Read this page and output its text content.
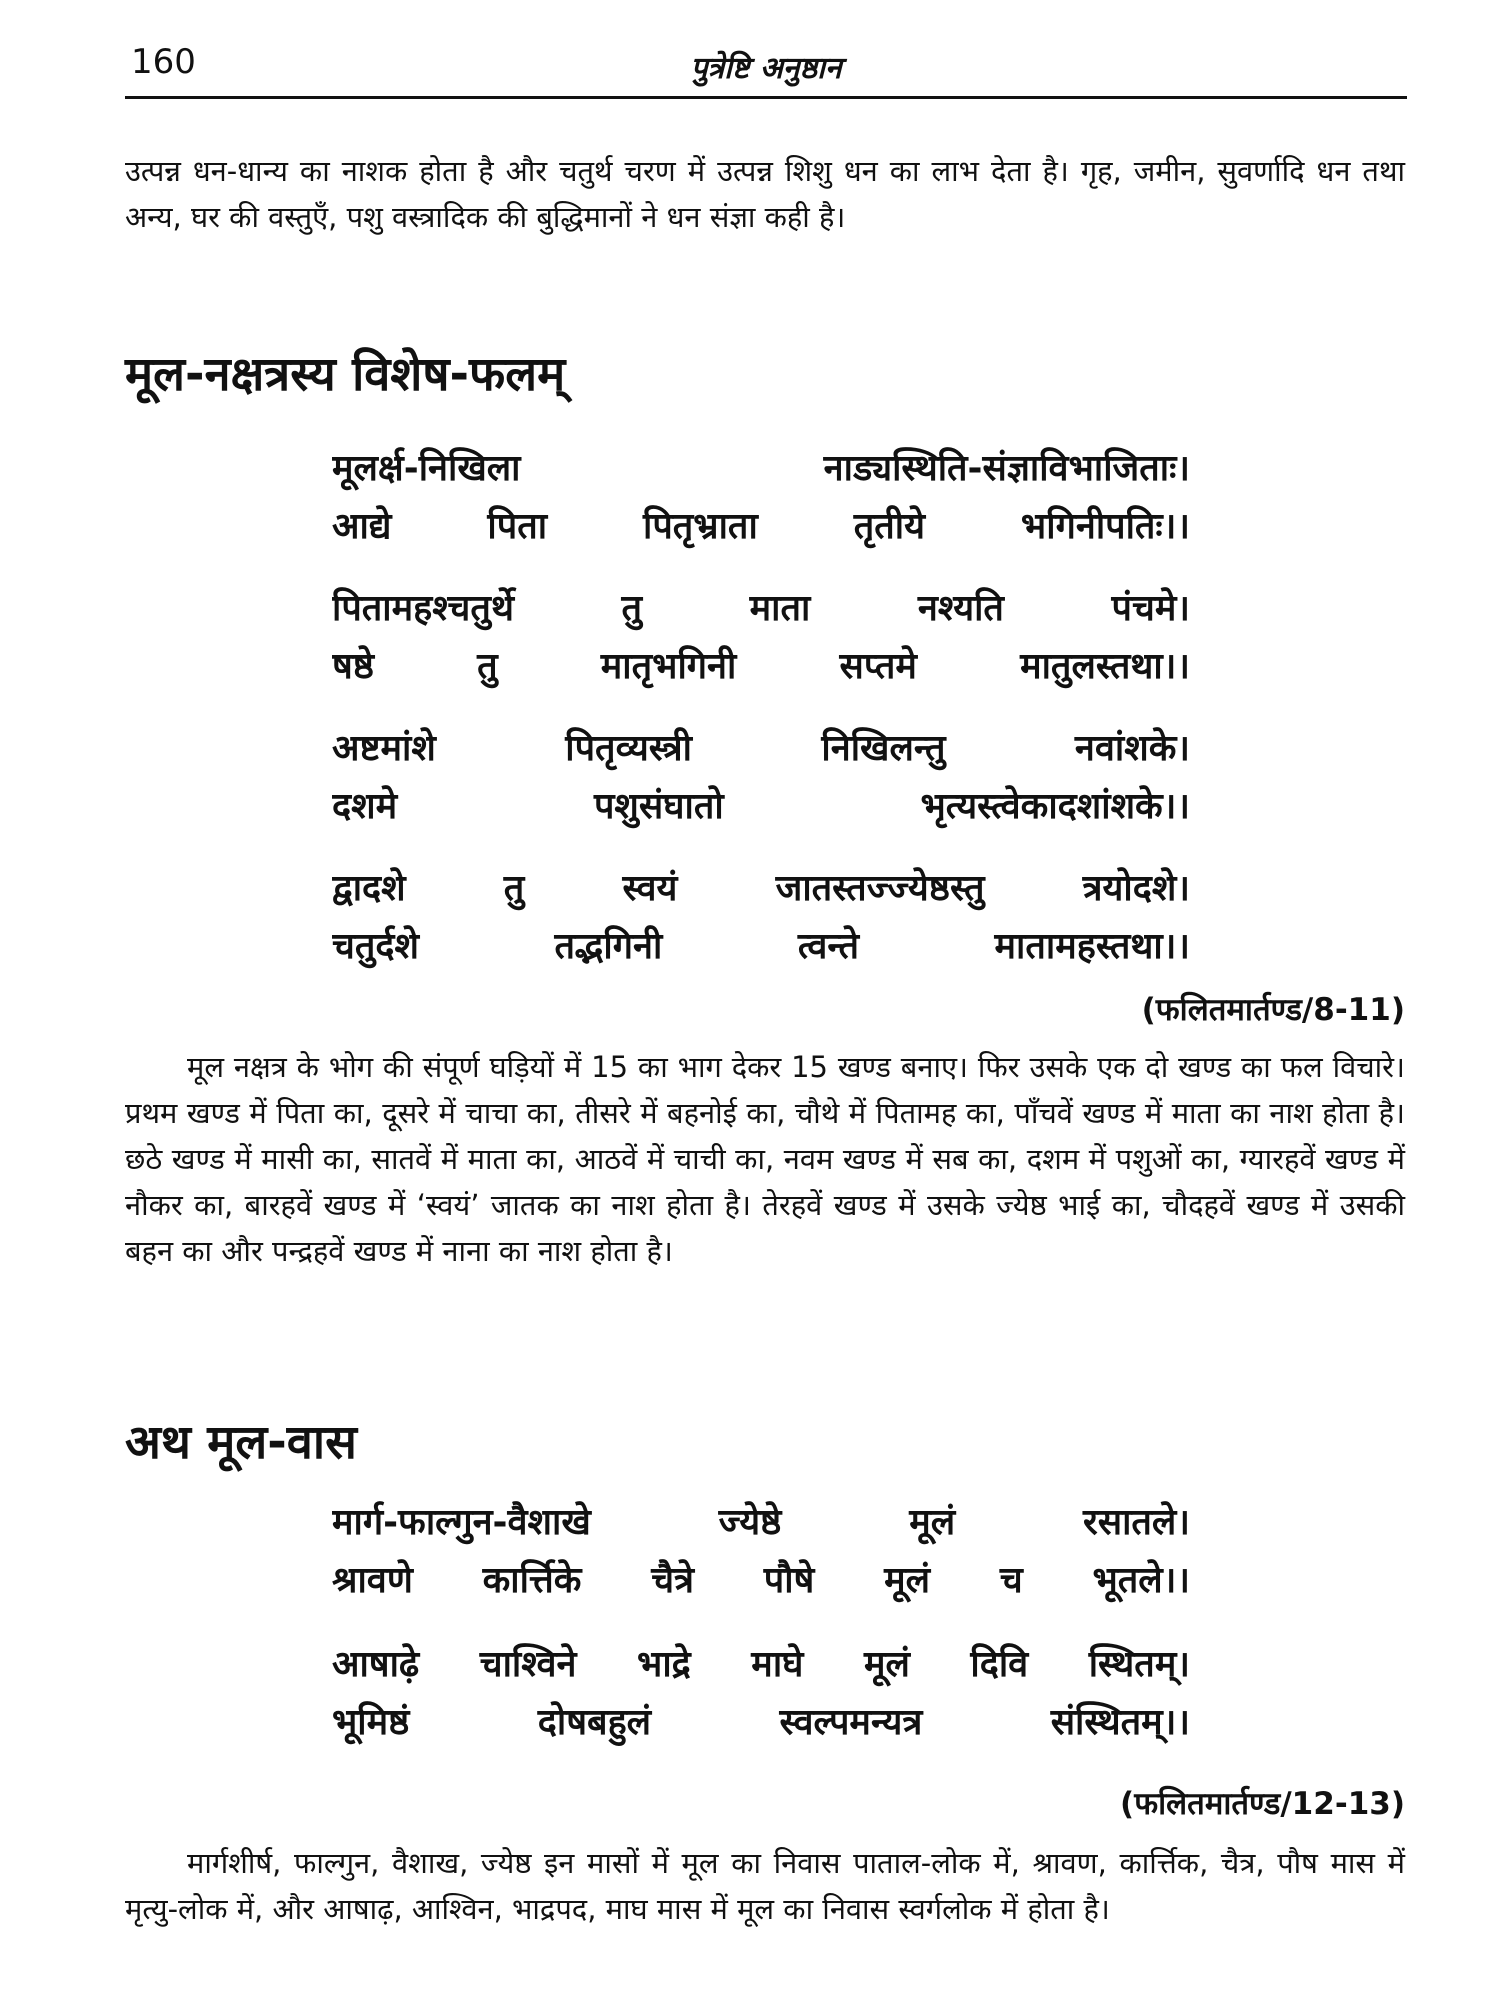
160	पुत्रेष्टि अनुष्ठान

उत्पन्न धन-धान्य का नाशक होता है और चतुर्थ चरण में उत्पन्न शिशु धन का लाभ देता है। गृह, जमीन, सुवर्णादि धन तथा अन्य, घर की वस्तुएँ, पशु वस्त्रादिक की बुद्धिमानों ने धन संज्ञा कही है।

मूल-नक्षत्रस्य विशेष-फलम्
मूलर्क्ष-निखिला नाड्यस्थिति-संज्ञाविभाजिताः।
आद्ये पिता पितृभ्राता तृतीये भगिनीपतिः।।
पितामहश्चतुर्थे तु माता नश्यति पंचमे।
षष्ठे तु मातृभगिनी सप्तमे मातुलस्तथा।।
अष्टमांशे पितृव्यस्त्री निखिलन्तु नवांशके।
दशमे पशुसंघातो भृत्यस्त्वेकादशांशके।।
द्वादशे तु स्वयं जातस्तज्ज्येष्ठस्तु त्रयोदशे।
चतुर्दशे तद्भगिनी त्वन्ते मातामहस्तथा।।
(फलितमार्तण्ड/8-11)

मूल नक्षत्र के भोग की संपूर्ण घड़ियों में 15 का भाग देकर 15 खण्ड बनाए। फिर उसके एक दो खण्ड का फल विचारे। प्रथम खण्ड में पिता का, दूसरे में चाचा का, तीसरे में बहनोई का, चौथे में पितामह का, पाँचवें खण्ड में माता का नाश होता है। छठे खण्ड में मासी का, सातवें में माता का, आठवें में चाची का, नवम खण्ड में सब का, दशम में पशुओं का, ग्यारहवें खण्ड में नौकर का, बारहवें खण्ड में ‘स्वयं’ जातक का नाश होता है। तेरहवें खण्ड में उसके ज्येष्ठ भाई का, चौदहवें खण्ड में उसकी बहन का और पन्द्रहवें खण्ड में नाना का नाश होता है।

अथ मूल-वास
मार्ग-फाल्गुन-वैशाखे ज्येष्ठे मूलं रसातले।
श्रावणे कार्त्तिके चैत्रे पौषे मूलं च भूतले।।
आषाढ़े चाश्विने भाद्रे माघे मूलं दिवि स्थितम्।
भूमिष्ठं दोषबहुलं स्वल्पमन्यत्र संस्थितम्।।
(फलितमार्तण्ड/12-13)

मार्गशीर्ष, फाल्गुन, वैशाख, ज्येष्ठ इन मासों में मूल का निवास पाताल-लोक में, श्रावण, कार्त्तिक, चैत्र, पौष मास में मृत्यु-लोक में, और आषाढ़, आश्विन, भाद्रपद, माघ मास में मूल का निवास स्वर्गलोक में होता है।
